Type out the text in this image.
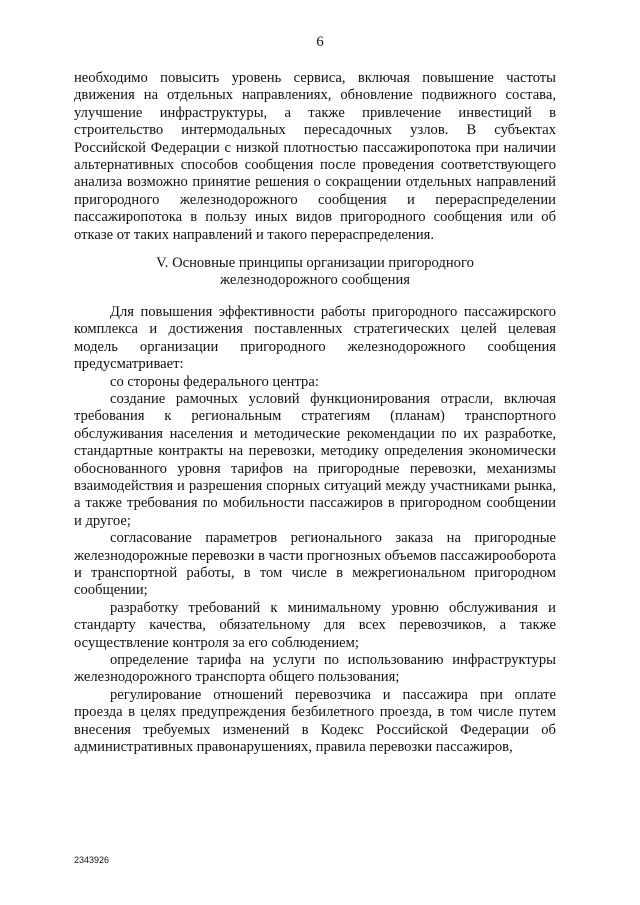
6

необходимо повысить уровень сервиса, включая повышение частоты движения на отдельных направлениях, обновление подвижного состава, улучшение инфраструктуры, а также привлечение инвестиций в строительство интермодальных пересадочных узлов. В субъектах Российской Федерации с низкой плотностью пассажиропотока при наличии альтернативных способов сообщения после проведения соответствующего анализа возможно принятие решения о сокращении отдельных направлений пригородного железнодорожного сообщения и перераспределении пассажиропотока в пользу иных видов пригородного сообщения или об отказе от таких направлений и такого перераспределения.

V. Основные принципы организации пригородного
железнодорожного сообщения

Для повышения эффективности работы пригородного пассажирского комплекса и достижения поставленных стратегических целей целевая модель организации пригородного железнодорожного сообщения предусматривает:

со стороны федерального центра:

создание рамочных условий функционирования отрасли, включая требования к региональным стратегиям (планам) транспортного обслуживания населения и методические рекомендации по их разработке, стандартные контракты на перевозки, методику определения экономически обоснованного уровня тарифов на пригородные перевозки, механизмы взаимодействия и разрешения спорных ситуаций между участниками рынка, а также требования по мобильности пассажиров в пригородном сообщении и другое;

согласование параметров регионального заказа на пригородные железнодорожные перевозки в части прогнозных объемов пассажирооборота и транспортной работы, в том числе в межрегиональном пригородном сообщении;

разработку требований к минимальному уровню обслуживания и стандарту качества, обязательному для всех перевозчиков, а также осуществление контроля за его соблюдением;

определение тарифа на услуги по использованию инфраструктуры железнодорожного транспорта общего пользования;

регулирование отношений перевозчика и пассажира при оплате проезда в целях предупреждения безбилетного проезда, в том числе путем внесения требуемых изменений в Кодекс Российской Федерации об административных правонарушениях, правила перевозки пассажиров,

2343926
